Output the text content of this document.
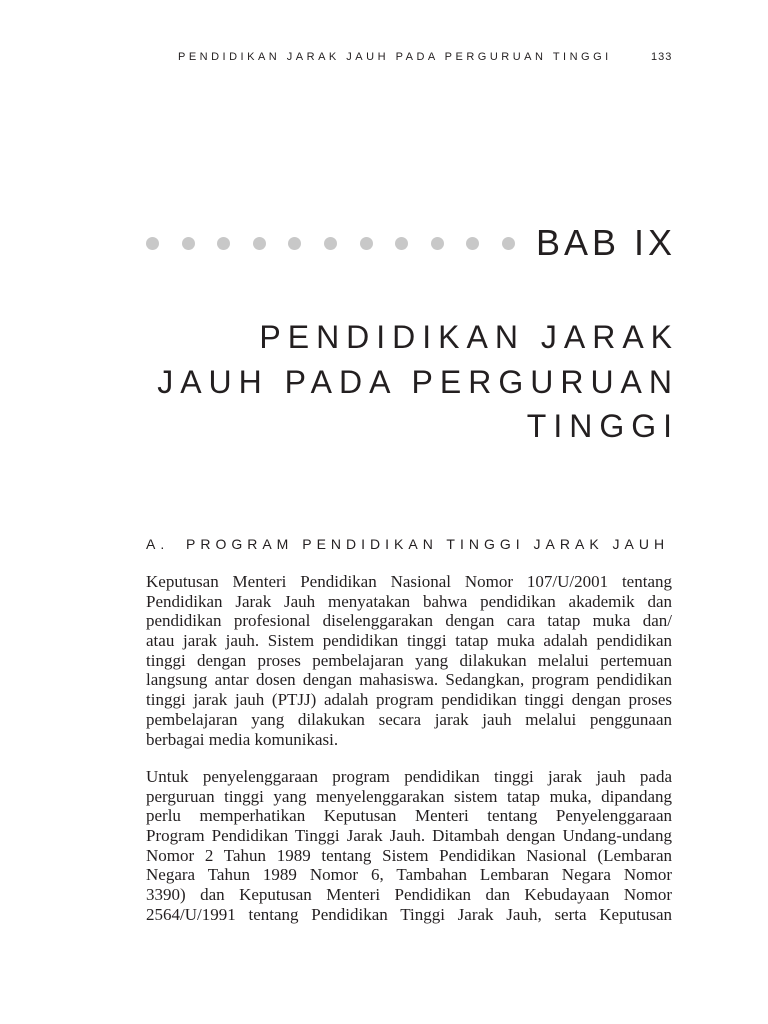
PENDIDIKAN JARAK JAUH PADA PERGURUAN TINGGI	133
BAB IX
PENDIDIKAN JARAK
JAUH PADA PERGURUAN
TINGGI
A. PROGRAM PENDIDIKAN TINGGI JARAK JAUH
Keputusan Menteri Pendidikan Nasional Nomor 107/U/2001 tentang
Pendidikan Jarak Jauh menyatakan bahwa pendidikan akademik dan
pendidikan profesional diselenggarakan dengan cara tatap muka dan/
atau jarak jauh. Sistem pendidikan tinggi tatap muka adalah pendidikan
tinggi dengan proses pembelajaran yang dilakukan melalui pertemuan
langsung antar dosen dengan mahasiswa. Sedangkan, program pendidikan
tinggi jarak jauh (PTJJ) adalah program pendidikan tinggi dengan proses
pembelajaran yang dilakukan secara jarak jauh melalui penggunaan
berbagai media komunikasi.
Untuk penyelenggaraan program pendidikan tinggi jarak jauh pada
perguruan tinggi yang menyelenggarakan sistem tatap muka, dipandang
perlu memperhatikan Keputusan Menteri tentang Penyelenggaraan
Program Pendidikan Tinggi Jarak Jauh. Ditambah dengan Undang-undang
Nomor 2 Tahun 1989 tentang Sistem Pendidikan Nasional (Lembaran
Negara Tahun 1989 Nomor 6, Tambahan Lembaran Negara Nomor
3390) dan Keputusan Menteri Pendidikan dan Kebudayaan Nomor
2564/U/1991 tentang Pendidikan Tinggi Jarak Jauh, serta Keputusan
